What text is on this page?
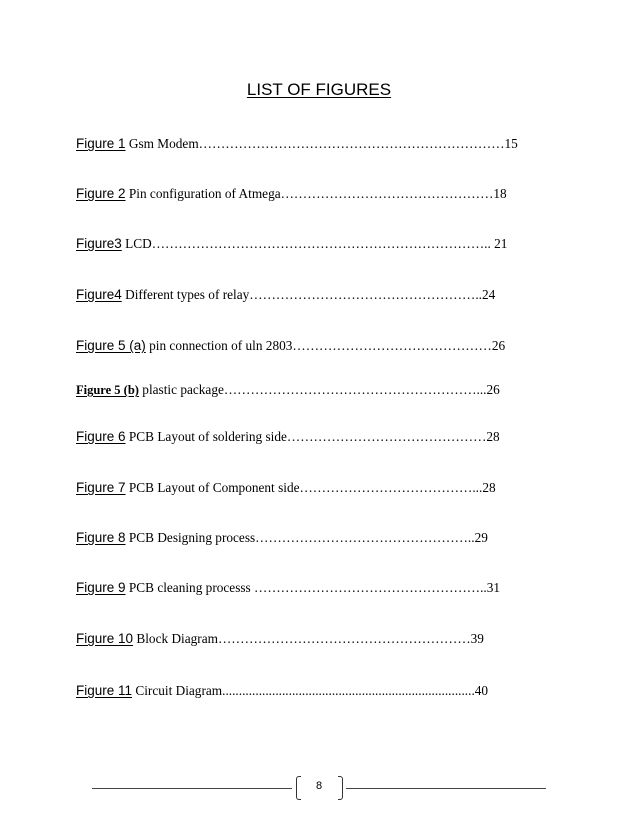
LIST OF FIGURES
Figure 1 Gsm Modem……………………………………………………………15
Figure 2 Pin configuration of Atmega…………………………………………18
Figure3 LCD………………………………………………………………….. 21
Figure4 Different types of relay……………………………………………..24
Figure 5 (a) pin connection of uln 2803………………………………………26
Figure 5 (b) plastic package…………………………………………………...26
Figure 6 PCB Layout of soldering side………………………………………28
Figure 7 PCB Layout of Component side…………………………………...28
Figure 8 PCB Designing process…………………………………………..29
Figure 9 PCB cleaning processs ……………………………………………..31
Figure 10 Block Diagram…………………………………………………39
Figure 11 Circuit Diagram............................................................................40
8
